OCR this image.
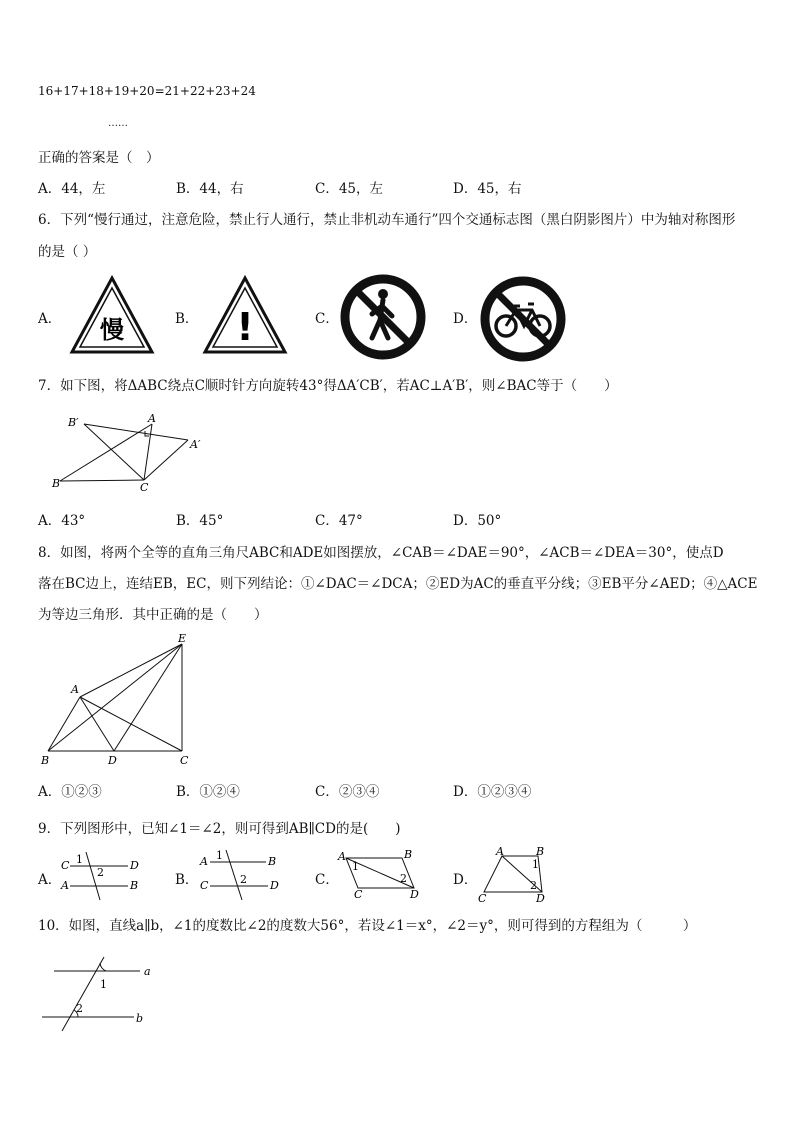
16+17+18+19+20=21+22+23+24
……
正确的答案是（　）
A．44，左	B．44，右	C．45，左	D．45，右
6．下列“慢行通过，注意危险，禁止行人通行，禁止非机动车通行”四个交通标志图（黑白阴影图片）中为轴对称图形
的是（ ）
A． 慢	B． !	C．	D．
7．如下图，将ΔABC绕点C顺时针方向旋转43°得ΔA′CB′，若AC⊥A′B′，则∠BAC等于（　　）
B′	A
A′
B	C
A．43°	B．45°	C．47°	D．50°
8．如图，将两个全等的直角三角尺ABC和ADE如图摆放，∠CAB＝∠DAE＝90°，∠ACB＝∠DEA＝30°，使点D
落在BC边上，连结EB，EC，则下列结论：①∠DAC＝∠DCA；②ED为AC的垂直平分线；③EB平分∠AED；④△ACE
为等边三角形．其中正确的是（　　）
E
A
B	D	C
A．①②③	B．①②④	C．②③④	D．①②③④
9．下列图形中，已知∠1＝∠2，则可得到AB∥CD的是(　　)
A．
C	D
A	B
1
2	B．
A	B
C	D
1
2	C．
A	B
C	D
1
2	D．
A	B
C	D
1
2
10．如图，直线a∥b，∠1的度数比∠2的度数大56°，若设∠1＝x°，∠2＝y°，则可得到的方程组为（　　　）
a
b
1
2
